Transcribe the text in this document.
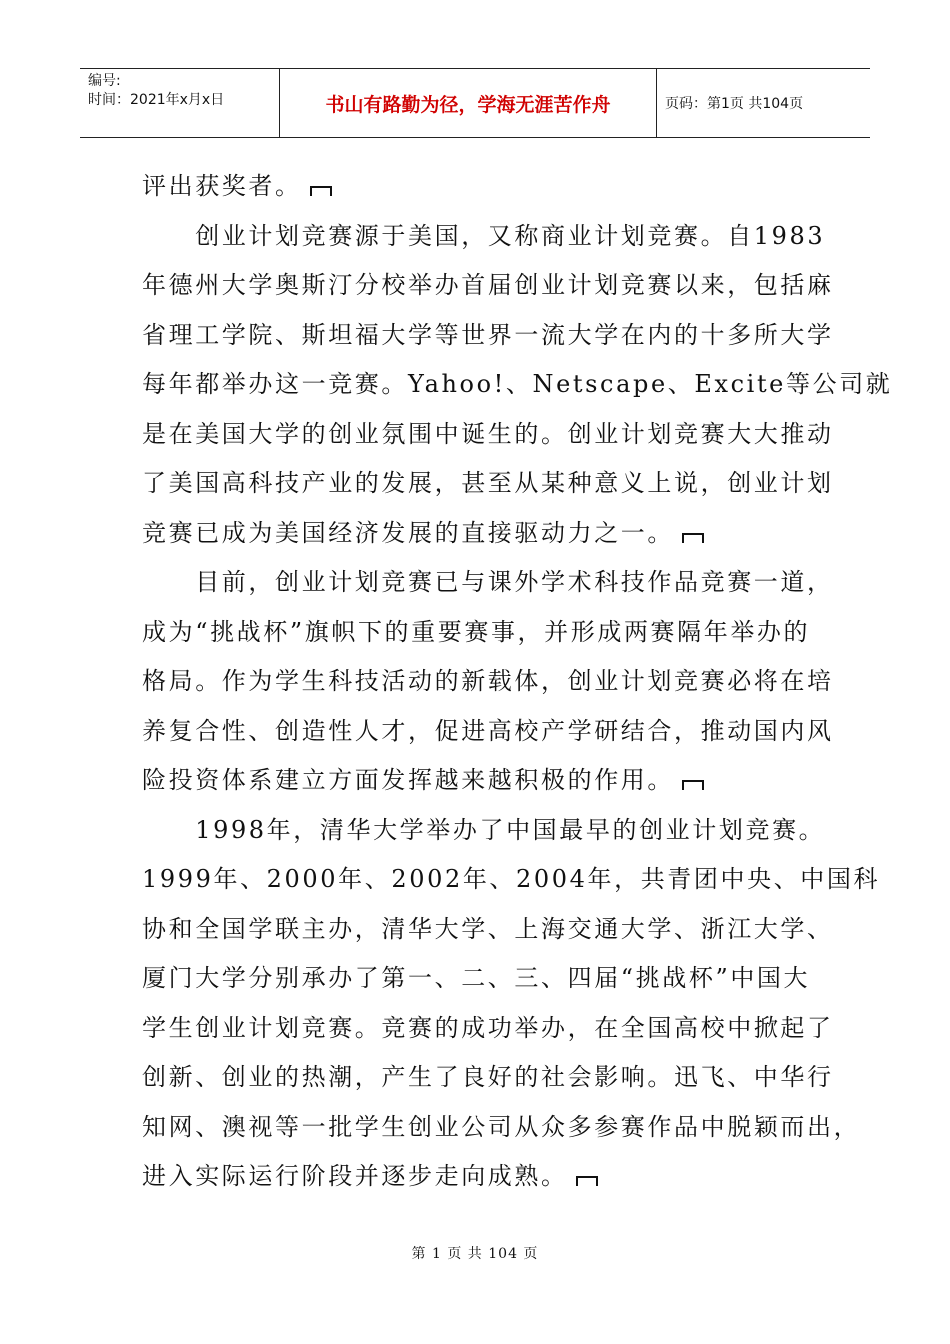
编号:
时间：2021年x月x日	书山有路勤为径，学海无涯苦作舟	页码：第1页 共104页

评出获奖者。

　　创业计划竞赛源于美国，又称商业计划竞赛。自1983

年德州大学奥斯汀分校举办首届创业计划竞赛以来，包括麻

省理工学院、斯坦福大学等世界一流大学在内的十多所大学

每年都举办这一竞赛。Yahoo!、Netscape、Excite等公司就

是在美国大学的创业氛围中诞生的。创业计划竞赛大大推动

了美国高科技产业的发展，甚至从某种意义上说，创业计划

竞赛已成为美国经济发展的直接驱动力之一。

　　目前，创业计划竞赛已与课外学术科技作品竞赛一道，

成为“挑战杯”旗帜下的重要赛事，并形成两赛隔年举办的

格局。作为学生科技活动的新载体，创业计划竞赛必将在培

养复合性、创造性人才，促进高校产学研结合，推动国内风

险投资体系建立方面发挥越来越积极的作用。

　　1998年，清华大学举办了中国最早的创业计划竞赛。

1999年、2000年、2002年、2004年，共青团中央、中国科

协和全国学联主办，清华大学、上海交通大学、浙江大学、

厦门大学分别承办了第一、二、三、四届“挑战杯”中国大

学生创业计划竞赛。竞赛的成功举办，在全国高校中掀起了

创新、创业的热潮，产生了良好的社会影响。迅飞、中华行

知网、澳视等一批学生创业公司从众多参赛作品中脱颖而出，

进入实际运行阶段并逐步走向成熟。

第 1 页 共 104 页
